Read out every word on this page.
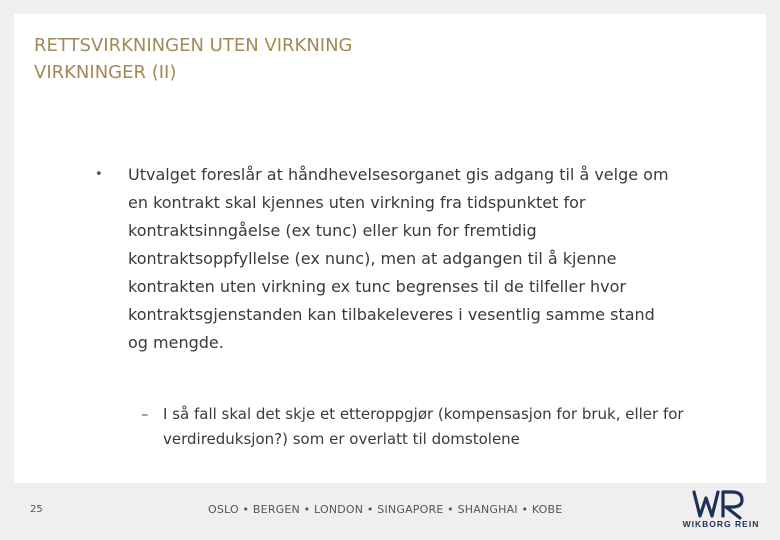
RETTSVIRKNINGEN UTEN VIRKNING
VIRKNINGER (II)
• Utvalget foreslår at håndhevelsesorganet gis adgang til å velge om
en kontrakt skal kjennes uten virkning fra tidspunktet for
kontraktsinngåelse (ex tunc) eller kun for fremtidig
kontraktsoppfyllelse (ex nunc), men at adgangen til å kjenne
kontrakten uten virkning ex tunc begrenses til de tilfeller hvor
kontraktsgjenstanden kan tilbakeleveres i vesentlig samme stand
og mengde.

– I så fall skal det skje et etteroppgjør (kompensasjon for bruk, eller for
verdireduksjon?) som er overlatt til domstolene

25	OSLO • BERGEN • LONDON • SINGAPORE • SHANGHAI • KOBE
WIKBORG REIN
